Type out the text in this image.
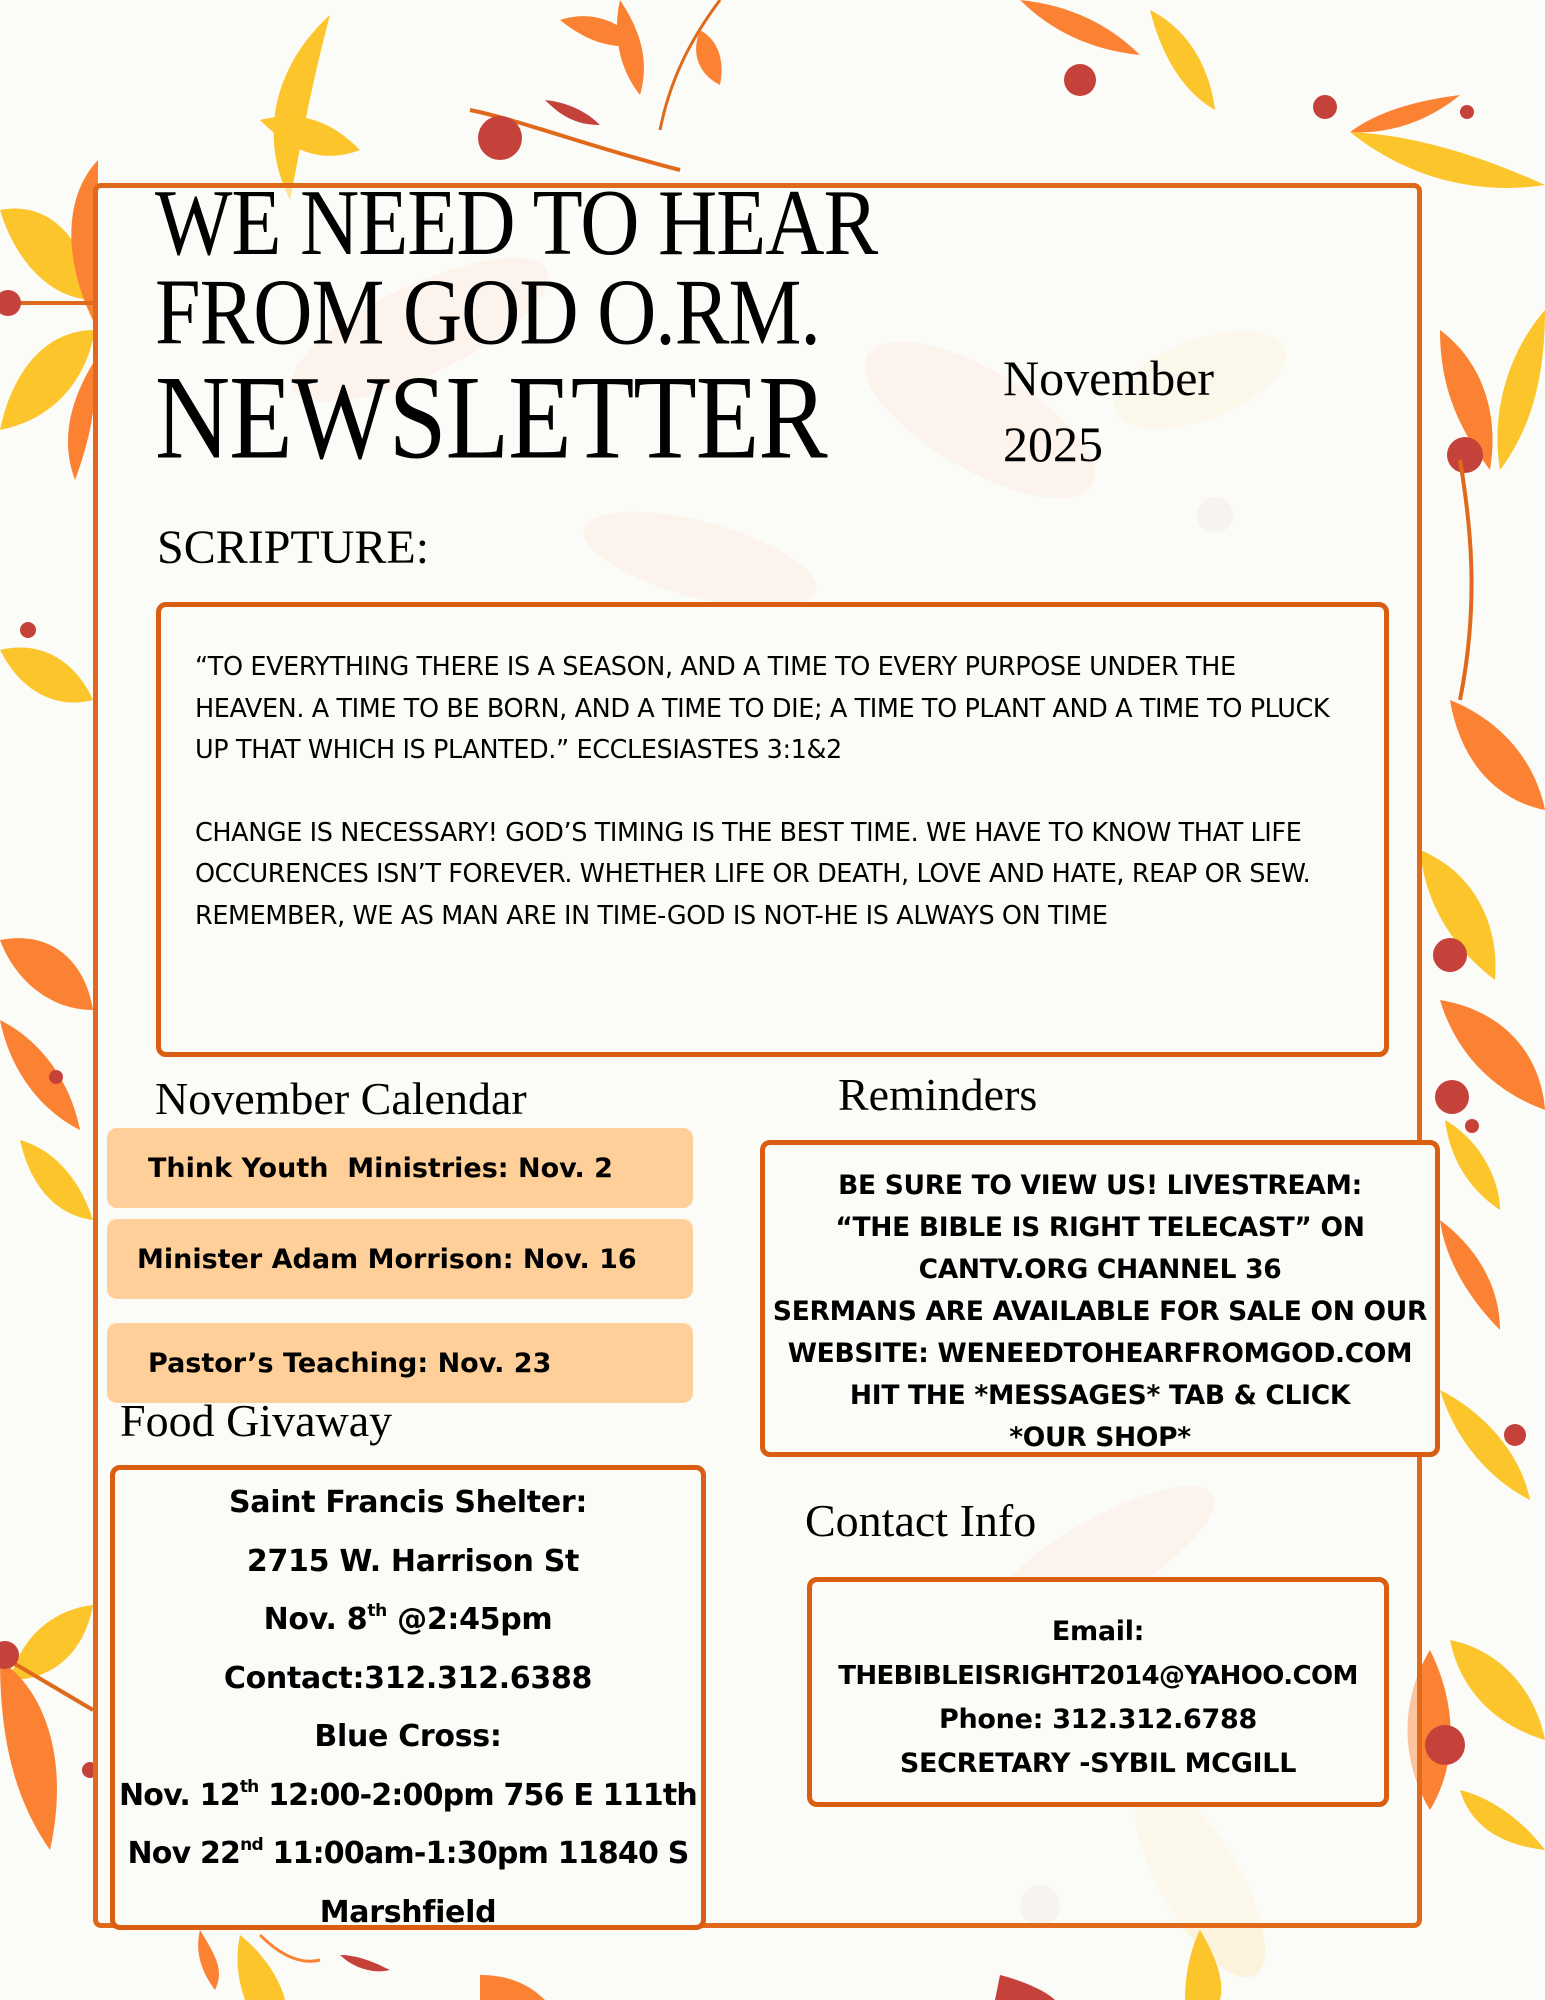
WE NEED TO HEAR
FROM GOD O.RM.
NEWSLETTER	November
2025
SCRIPTURE:

“TO EVERYTHING THERE IS A SEASON, AND A TIME TO EVERY PURPOSE UNDER THE HEAVEN. A TIME TO BE BORN, AND A TIME TO DIE; A TIME TO PLANT AND A TIME TO PLUCK UP THAT WHICH IS PLANTED.” ECCLESIASTES 3:1&2

CHANGE IS NECESSARY! GOD’S TIMING IS THE BEST TIME. WE HAVE TO KNOW THAT LIFE OCCURENCES ISN’T FOREVER. WHETHER LIFE OR DEATH, LOVE AND HATE, REAP OR SEW. REMEMBER, WE AS MAN ARE IN TIME-GOD IS NOT-HE IS ALWAYS ON TIME

November Calendar
Think Youth  Ministries: Nov. 2
Minister Adam Morrison: Nov. 16
Pastor’s Teaching: Nov. 23
Reminders
BE SURE TO VIEW US! LIVESTREAM:
“THE BIBLE IS RIGHT TELECAST” ON
CANTV.ORG CHANNEL 36
SERMANS ARE AVAILABLE FOR SALE ON OUR
WEBSITE: WENEEDTOHEARFROMGOD.COM
HIT THE *MESSAGES* TAB & CLICK
*OUR SHOP*
Food Givaway
Saint Francis Shelter:
2715 W. Harrison St
Nov. 8th @2:45pm
Contact:312.312.6388
Blue Cross:
Nov. 12th 12:00-2:00pm 756 E 111th
Nov 22nd 11:00am-1:30pm 11840 S
Marshfield
Contact Info
Email:
THEBIBLEISRIGHT2014@YAHOO.COM
Phone: 312.312.6788
SECRETARY -SYBIL MCGILL
